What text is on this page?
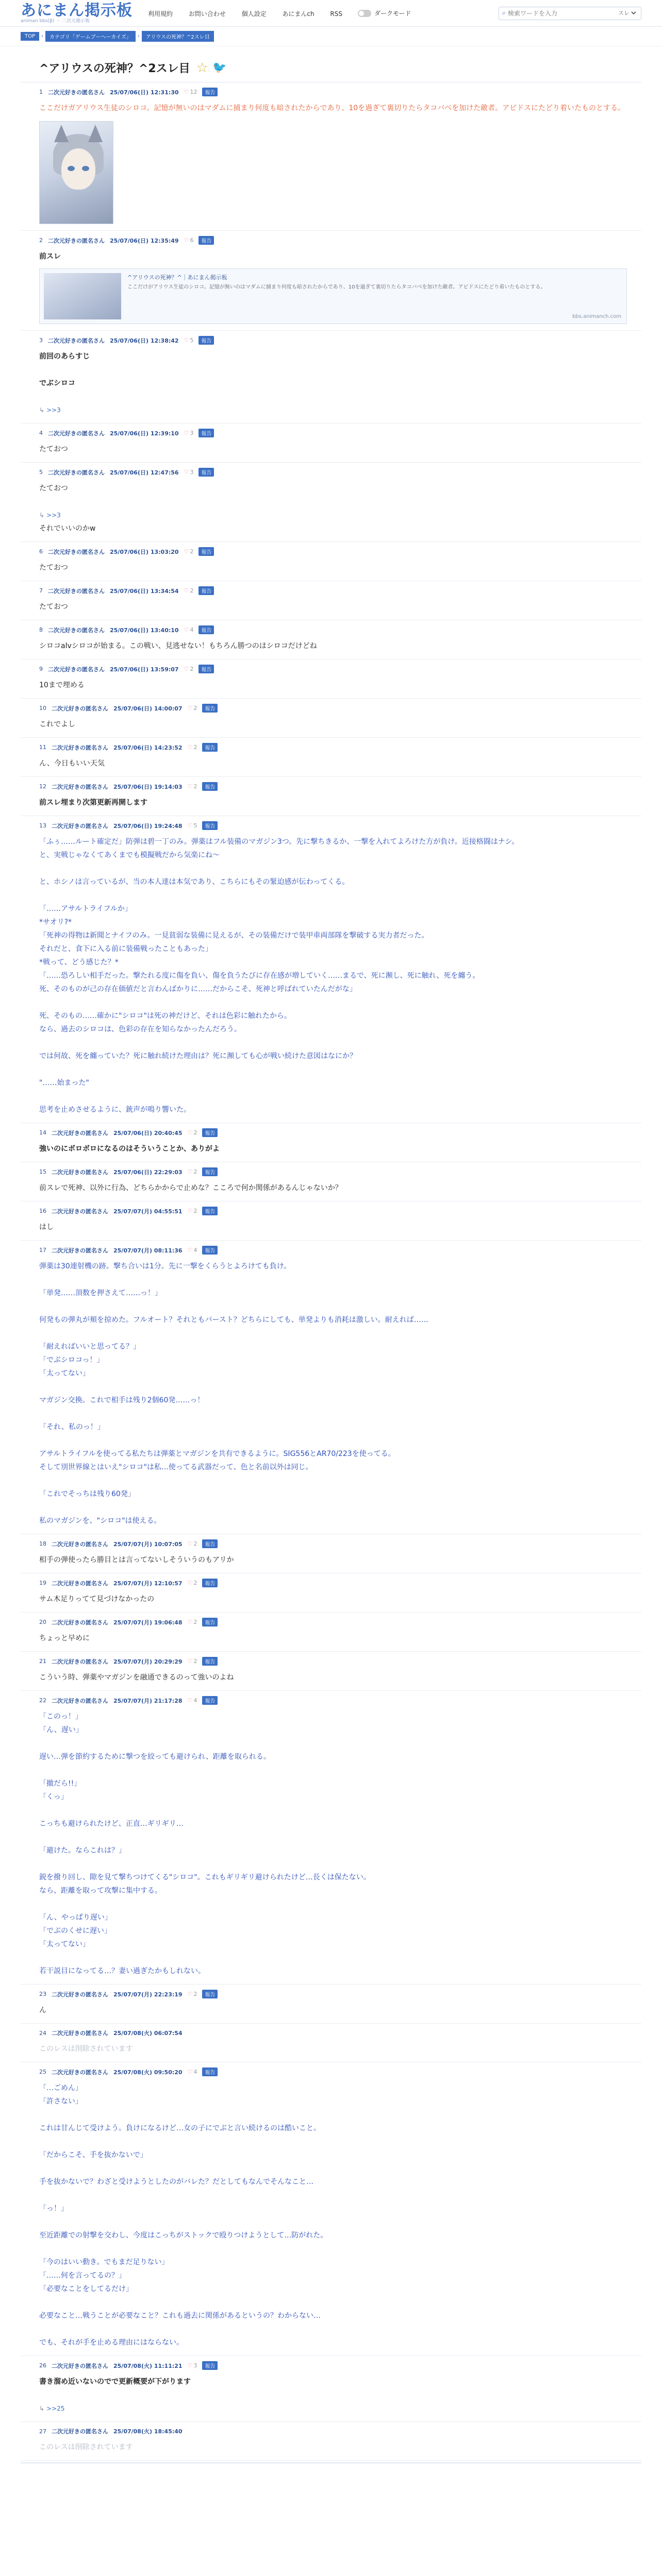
あにまん掲示板
animan bbs(β) ・ 二次元掲示板
利用規約	お問い合わせ	個人設定	あにまんch	RSS	ダークモード	⌕
検索ワードを入力
スレ
TOP	›	カテゴリ「ゲームブーヘーカイズ」	›	アリウスの死神？^2スレ目
^アリウスの死神？^2スレ目 ☆ 🐦
1 二次元好きの匿名さん 25/07/06(日) 12:31:30 ♡ 12	報告

ここだけガアリウス生徒のシロコ。記憶が無いのはマダムに捕まり何度も暗されたからであり、10を過ぎて裏切りたらタコバベを加けた敵者。アビドスにたどり着いたものとする。

2 二次元好きの匿名さん 25/07/06(日) 12:35:49 ♡ 6	報告

前スレ

^アリウスの死神？^｜あにまん掲示板
ここだけがアリウス生徒のシロコ。記憶が無いのはマダムに捕まり何度も暗されたからであり、10を過ぎて裏切りたらタコバベを加けた敵者。アビドスにたどり着いたものとする。
bbs.animanch.com
3 二次元好きの匿名さん 25/07/06(日) 12:38:42 ♡ 5	報告

前回のあらすじ

でぶシロコ

↳ >>3

4 二次元好きの匿名さん 25/07/06(日) 12:39:10 ♡ 3	報告

たておつ

5 二次元好きの匿名さん 25/07/06(日) 12:47:56 ♡ 3	報告

たておつ

↳ >>3

それでいいのかw

6 二次元好きの匿名さん 25/07/06(日) 13:03:20 ♡ 2	報告

たておつ

7 二次元好きの匿名さん 25/07/06(日) 13:34:54 ♡ 2	報告

たておつ

8 二次元好きの匿名さん 25/07/06(日) 13:40:10 ♡ 4	報告

シロコalvシロコが始まる。この戦い、見逃せない！もちろん勝つのはシロコだけどね

9 二次元好きの匿名さん 25/07/06(日) 13:59:07 ♡ 2	報告

10まで埋める

10 二次元好きの匿名さん 25/07/06(日) 14:00:07 ♡ 2	報告

これでよし

11 二次元好きの匿名さん 25/07/06(日) 14:23:52 ♡ 2	報告

ん、今日もいい天気

12 二次元好きの匿名さん 25/07/06(日) 19:14:03 ♡ 2	報告

前スレ埋まり次第更新再開します

13 二次元好きの匿名さん 25/07/06(日) 19:24:48 ♡ 5	報告

「ふぅ……ルート確定だ」防弾は碧一丁のみ。弾薬はフル装備のマガジン3つ。先に撃ちきるか、一撃を入れてよろけた方が負け。近接格闘はナシ。

と、実戦じゃなくてあくまでも模擬戦だから気楽にね〜

と、ホシノは言っているが、当の本人達は本気であり、こちらにもその緊迫感が伝わってくる。

「……アサルトライフルか」

*サオリ?*

「死神の得物は新聞とナイフのみ。一見貧弱な装備に見えるが、その装備だけで装甲車両部隊を撃破する実力者だった。

それだと、食下に入る前に装備戦ったこともあった」

*戦って、どう感じた？*

「……恐ろしい相手だった。撃たれる度に傷を負い、傷を負うたびに存在感が増していく……まるで、死に瀕し、死に触れ、死を纏う。

死、そのものが己の存在価値だと言わんばかりに……だからこそ、死神と呼ばれていたんだがな」

死、そのもの……確かに"シロコ"は死の神だけど、それは色彩に触れたから。

なら、過去のシロコは、色彩の存在を知らなかったんだろう。

では何故、死を纏っていた？死に触れ続けた理由は？死に瀕しても心が戦い続けた意図はなにか？

"……始まった"

思考を止めさせるように、銃声が鳴り響いた。

14 二次元好きの匿名さん 25/07/06(日) 20:40:45 ♡ 2	報告

強いのにボロボロになるのはそういうことか、ありがよ

15 二次元好きの匿名さん 25/07/06(日) 22:29:03 ♡ 2	報告

前スレで死神、以外に行為、どちらかからで止めな？こころで何か関係があるんじゃないか？

16 二次元好きの匿名さん 25/07/07(月) 04:55:51 ♡ 2	報告

はし

17 二次元好きの匿名さん 25/07/07(月) 08:11:36 ♡ 4	報告

弾薬は30連射機の跡。撃ち合いは1分。先に一撃をくらうとよろけても負け。

「単発……頂数を押さえて……っ！」

何発もの弾丸が頬を掠めた。フルオート？それともバースト？どちらにしても、単発よりも消耗は激しい。耐えれば……

「耐えればいいと思ってる？」

「でぶシロコっ！」

「太ってない」

マガジン交換。これで相手は残り2個60発……っ！

「それ、私のっ！」

アサルトライフルを使ってる私たちは弾薬とマガジンを共有できるように。SIG556とAR70/223を使ってる。

そして別世界線とはいえ"シロコ"は私…使ってる武器だって、色と名前以外は同じ。

「これでそっちは残り60発」

私のマガジンを、"シロコ"は使える。

18 二次元好きの匿名さん 25/07/07(月) 10:07:05 ♡ 2	報告

相手の弾使ったら勝目とは言ってないしそういうのもアリか

19 二次元好きの匿名さん 25/07/07(月) 12:10:57 ♡ 2	報告

サム木足りってて見づけなかったの

20 二次元好きの匿名さん 25/07/07(月) 19:06:48 ♡ 2	報告

ちょっと早めに

21 二次元好きの匿名さん 25/07/07(月) 20:29:29 ♡ 2	報告

こういう時、弾薬やマガジンを融通できるのって強いのよね

22 二次元好きの匿名さん 25/07/07(月) 21:17:28 ♡ 4	報告

「このっ！」

「ん、遅い」

遅い…弾を節約するために撃つを絞っても避けられ、距離を取られる。

「撤だら!!」

「くっ」

こっちも避けられたけど、正直…ギリギリ…

「避けた。ならこれは？」

鋭を撥り回し、隙を見て撃ちつけてくる"シロコ"。これもギリギリ避けられたけど…長くは保たない。

なら、距離を取って攻撃に集中する。

「ん、やっぱり遅い」

「でぶのくせに遅い」

「太ってない」

若干説目になってる…？妻い過ぎたかもしれない。

23 二次元好きの匿名さん 25/07/07(月) 22:23:19 ♡ 2	報告

ん

24 二次元好きの匿名さん 25/07/08(火) 06:07:54

このレスは削除されています

25 二次元好きの匿名さん 25/07/08(火) 09:50:20 ♡ 4	報告

「…ごめん」

「許さない」

これは甘んじて受けよう。負けになるけど…女の子にでぶと言い続けるのは酷いこと。

「だからこそ、手を抜かないで」

手を抜かないで？わざと受けようとしたのがバレた？だとしてもなんでそんなこと…

「っ！」

至近距離での射撃を交わし、今度はこっちがストックで殴りつけようとして…防がれた。

「今のはいい動き。でもまだ足りない」

「……何を言ってるの？」

「必要なことをしてるだけ」

必要なこと…戦うことが必要なこと？これも過去に関係があるというの？わからない…

でも、それが手を止める理由にはならない。

26 二次元好きの匿名さん 25/07/08(火) 11:11:21 ♡ 3	報告

書き溜め近いないのでで更新概要が下がります

↳ >>25

27 二次元好きの匿名さん 25/07/08(火) 18:45:40

このレスは削除されています
